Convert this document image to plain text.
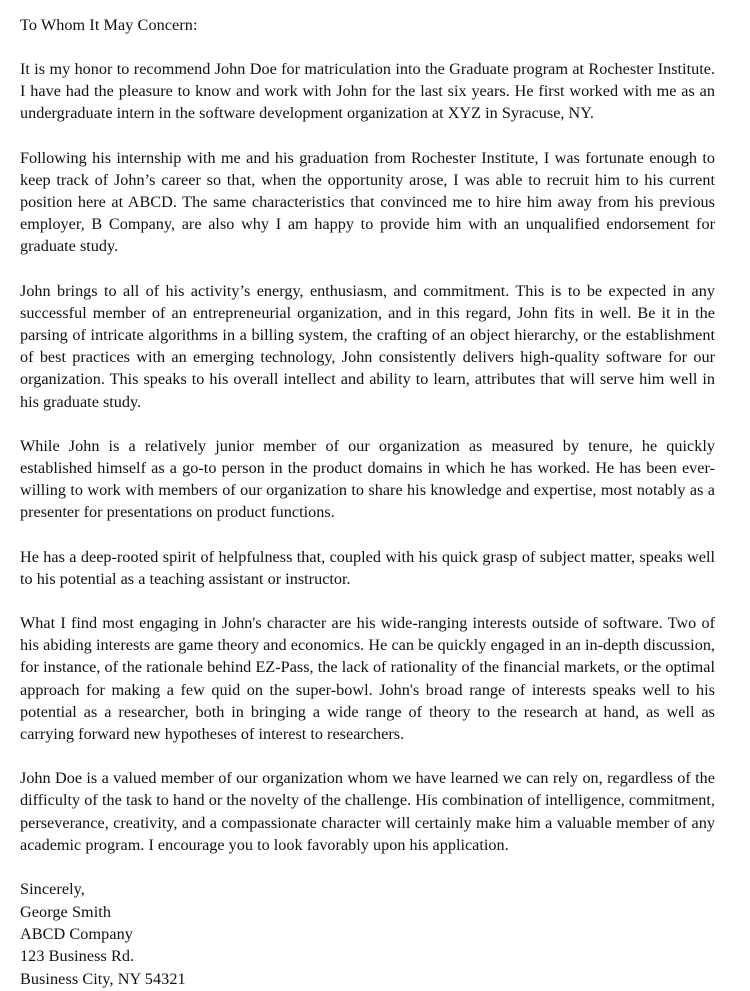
To Whom It May Concern:

It is my honor to recommend John Doe for matriculation into the Graduate program at Rochester Institute. I have had the pleasure to know and work with John for the last six years. He first worked with me as an undergraduate intern in the software development organization at XYZ in Syracuse, NY.

Following his internship with me and his graduation from Rochester Institute, I was fortunate enough to keep track of John’s career so that, when the opportunity arose, I was able to recruit him to his current position here at ABCD. The same characteristics that convinced me to hire him away from his previous employer, B Company, are also why I am happy to provide him with an unqualified endorsement for graduate study.

John brings to all of his activity’s energy, enthusiasm, and commitment. This is to be expected in any successful member of an entrepreneurial organization, and in this regard, John fits in well. Be it in the parsing of intricate algorithms in a billing system, the crafting of an object hierarchy, or the establishment of best practices with an emerging technology, John consistently delivers high-quality software for our organization. This speaks to his overall intellect and ability to learn, attributes that will serve him well in his graduate study.

While John is a relatively junior member of our organization as measured by tenure, he quickly established himself as a go-to person in the product domains in which he has worked. He has been ever-willing to work with members of our organization to share his knowledge and expertise, most notably as a presenter for presentations on product functions.

He has a deep-rooted spirit of helpfulness that, coupled with his quick grasp of subject matter, speaks well to his potential as a teaching assistant or instructor.

What I find most engaging in John's character are his wide-ranging interests outside of software. Two of his abiding interests are game theory and economics. He can be quickly engaged in an in-depth discussion, for instance, of the rationale behind EZ-Pass, the lack of rationality of the financial markets, or the optimal approach for making a few quid on the super-bowl. John's broad range of interests speaks well to his potential as a researcher, both in bringing a wide range of theory to the research at hand, as well as carrying forward new hypotheses of interest to researchers.

John Doe is a valued member of our organization whom we have learned we can rely on, regardless of the difficulty of the task to hand or the novelty of the challenge. His combination of intelligence, commitment, perseverance, creativity, and a compassionate character will certainly make him a valuable member of any academic program. I encourage you to look favorably upon his application.

Sincerely,
George Smith
ABCD Company
123 Business Rd.
Business City, NY 54321
